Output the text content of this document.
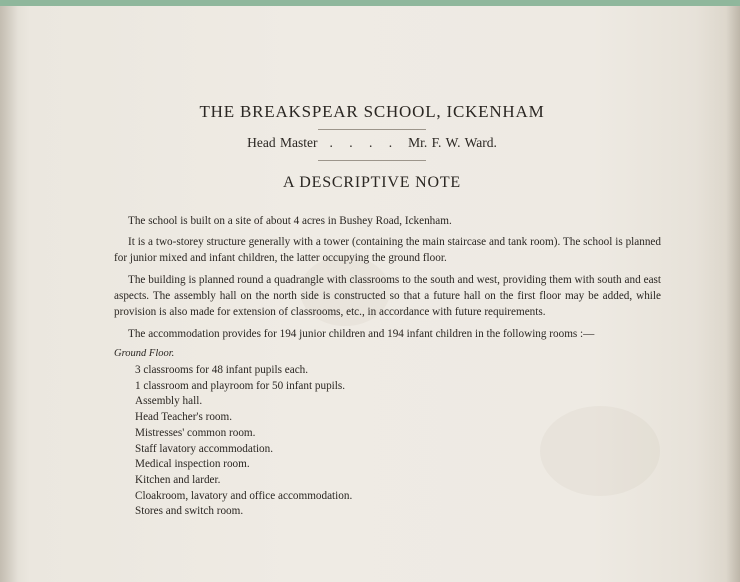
THE BREAKSPEAR SCHOOL, ICKENHAM
Head Master . . . . Mr. F. W. Ward.
A DESCRIPTIVE NOTE

The school is built on a site of about 4 acres in Bushey Road, Ickenham.

It is a two-storey structure generally with a tower (containing the main staircase and tank room). The school is planned for junior mixed and infant children, the latter occupying the ground floor.

The building is planned round a quadrangle with classrooms to the south and west, providing them with south and east aspects. The assembly hall on the north side is constructed so that a future hall on the first floor may be added, while provision is also made for extension of classrooms, etc., in accordance with future requirements.

The accommodation provides for 194 junior children and 194 infant children in the following rooms :—

Ground Floor.
3 classrooms for 48 infant pupils each.
1 classroom and playroom for 50 infant pupils.
Assembly hall.
Head Teacher's room.
Mistresses' common room.
Staff lavatory accommodation.
Medical inspection room.
Kitchen and larder.
Cloakroom, lavatory and office accommodation.
Stores and switch room.
